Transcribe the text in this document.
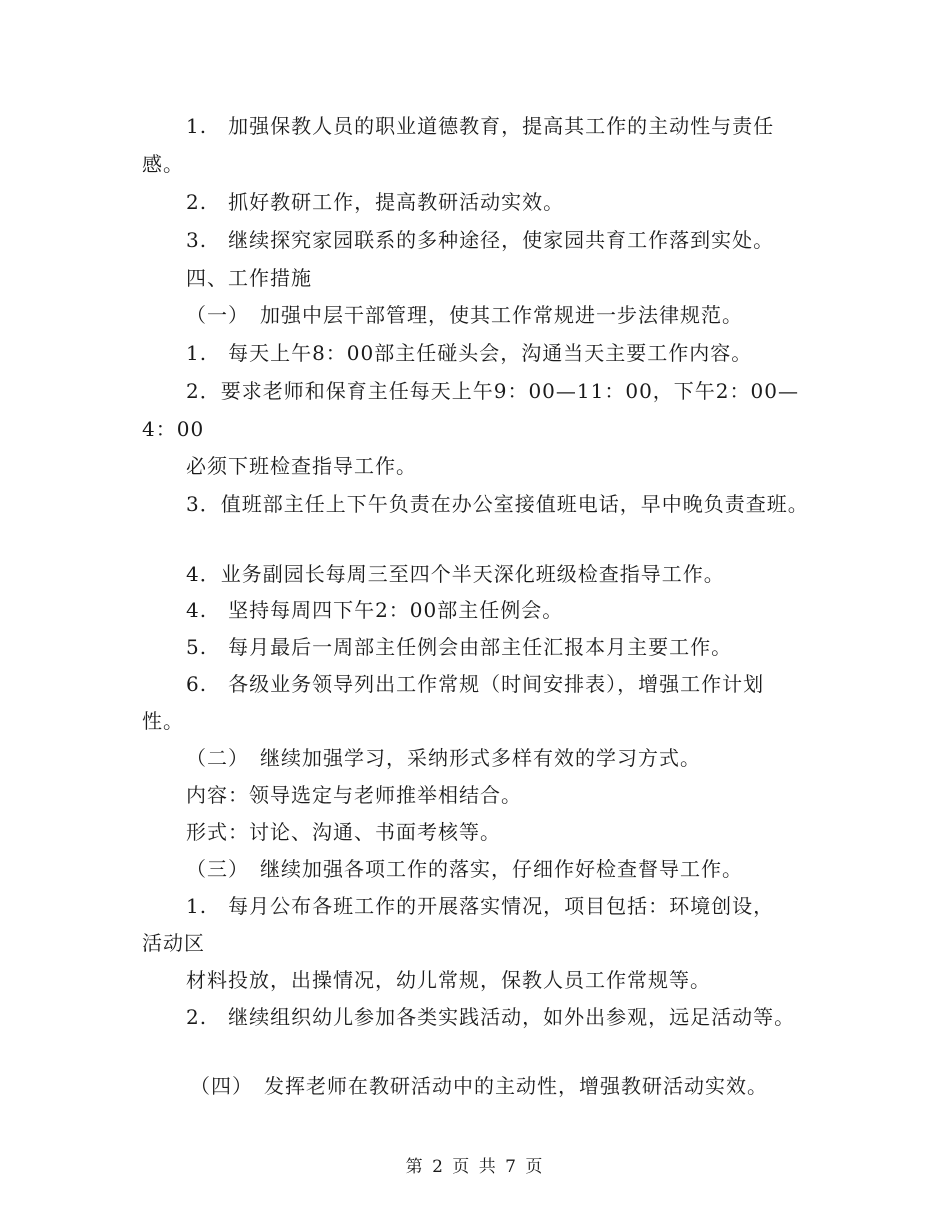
1.　加强保教人员的职业道德教育，提高其工作的主动性与责任
感。
2.　抓好教研工作，提高教研活动实效。
3.　继续探究家园联系的多种途径，使家园共育工作落到实处。
四、工作措施
（一）　加强中层干部管理，使其工作常规进一步法律规范。
1.　每天上午8：00部主任碰头会，沟通当天主要工作内容。
2．要求老师和保育主任每天上午9：00—11：00，下午2：00—
4：00
必须下班检查指导工作。
3．值班部主任上下午负责在办公室接值班电话，早中晚负责查班。
4．业务副园长每周三至四个半天深化班级检查指导工作。
4.　坚持每周四下午2：00部主任例会。
5.　每月最后一周部主任例会由部主任汇报本月主要工作。
6.　各级业务领导列出工作常规（时间安排表），增强工作计划
性。
（二）　继续加强学习，采纳形式多样有效的学习方式。
内容：领导选定与老师推举相结合。
形式：讨论、沟通、书面考核等。
（三）　继续加强各项工作的落实，仔细作好检查督导工作。
1.　每月公布各班工作的开展落实情况，项目包括：环境创设，
活动区
材料投放，出操情况，幼儿常规，保教人员工作常规等。
2.　继续组织幼儿参加各类实践活动，如外出参观，远足活动等。
（四）　发挥老师在教研活动中的主动性，增强教研活动实效。
第 2 页 共 7 页
